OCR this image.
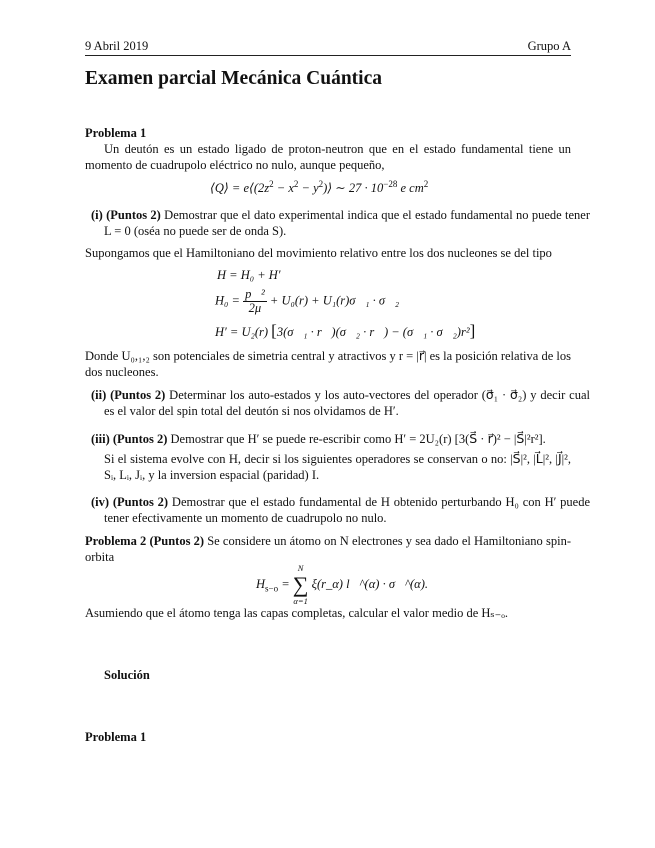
9 Abril 2019	Grupo A
Examen parcial Mecánica Cuántica
Problema 1
Un deutón es un estado ligado de proton-neutron que en el estado fundamental tiene un momento de cuadrupolo eléctrico no nulo, aunque pequeño,
⟨Q⟩ = $e⟨(2z^2 - x^2$ − $y^2)⟩$ ∼ $27 \cdot 10^{-28}$ e $cm^2$
(i) (Puntos 2) Demostrar que el dato experimental indica que el estado fundamental no puede tener L = 0 (oséa no puede ser de onda S).
Supongamos que el Hamiltoniano del movimiento relativo entre los dos nucleones se del tipo
H = H₀ + H′
$H_0 = \frac{\text{p⃗²}}{2\mu} + U_0(r)$ + U₁(r)σ⃗₁ · σ⃗₂
H′ = U₂(r) [3(σ⃗₁ · r⃗)(σ⃗₂ · r⃗) − (σ⃗₁ · σ⃗₂)r²]
Donde U₀,₁,₂ son potenciales de simetria central y atractivos y r = |r⃗| es la posición relativa de los dos nucleones.
(ii) (Puntos 2) Determinar los auto-estados y los auto-vectores del operador (σ⃗₁ · σ⃗₂) y decir cual es el valor del spin total del deutón si nos olvidamos de H′.
(iii) (Puntos 2) Demostrar que H′ se puede re-escribir como H′ = 2U₂(r) [3(S⃗ · r⃗)² − |S⃗|²r²].
Si el sistema evolve con H, decir si los siguientes operadores se conservan o no: |S⃗|², |L⃗|², |J⃗|², Sᵢ, Lᵢ, Jᵢ, y la inversion espacial (paridad) I.
(iv) (Puntos 2) Demostrar que el estado fundamental de H obtenido perturbando H₀ con H′ puede tener efectivamente un momento de cuadrupolo no nulo.
Problema 2 (Puntos 2) Se considere un átomo on N electrones y sea dado el Hamiltoniano spin-orbita
$H_{s-o}$ =
N
∑
α=1
ξ(r_α) l⃗^(α) · σ⃗^(α).
Asumiendo que el átomo tenga las capas completas, calcular el valor medio de Hₛ₋ₒ.
Solución
Problema 1
